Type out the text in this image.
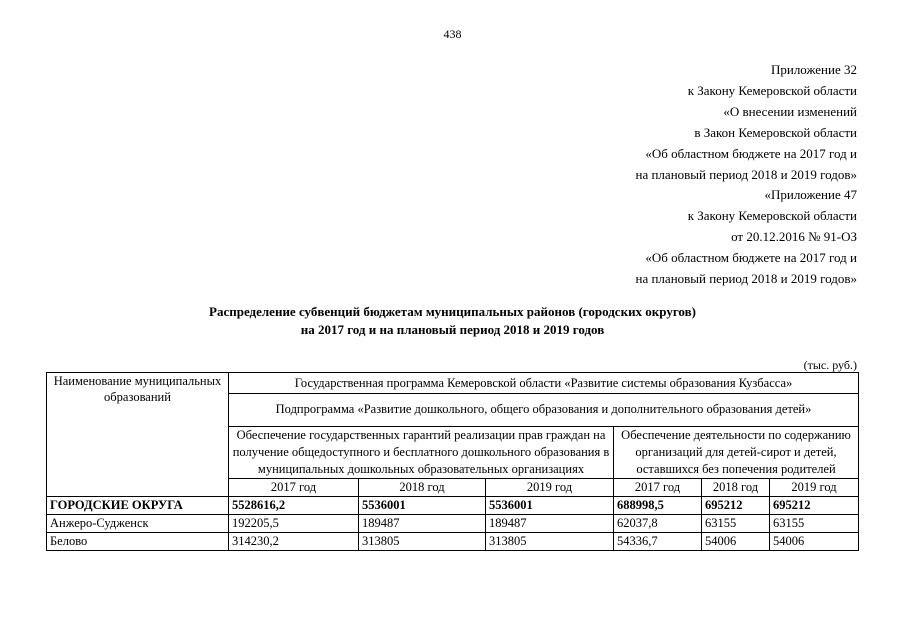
438
Приложение 32
к Закону Кемеровской области
«О внесении изменений
в Закон Кемеровской области
«Об областном бюджете на 2017 год и
на плановый период 2018 и 2019 годов»
«Приложение 47
к Закону Кемеровской области
от 20.12.2016 № 91-ОЗ
«Об областном бюджете на 2017 год и
на плановый период 2018 и 2019 годов»
Распределение субвенций бюджетам муниципальных районов (городских округов)
на 2017 год и на плановый период 2018 и 2019 годов
(тыс. руб.)
Наименование муниципальных образований	Государственная программа Кемеровской области «Развитие системы образования Кузбасса»					
	Подпрограмма «Развитие дошкольного, общего образования и дополнительного образования детей»					
	Обеспечение государственных гарантий реализации прав граждан на получение общедоступного и бесплатного дошкольного образования в муниципальных дошкольных образовательных организациях			Обеспечение деятельности по содержанию организаций для детей-сирот и детей, оставшихся без попечения родителей		
	2017 год	2018 год	2019 год	2017 год	2018 год	2019 год
ГОРОДСКИЕ ОКРУГА	5528616,2	5536001	5536001	688998,5	695212	695212
Анжеро-Судженск	192205,5	189487	189487	62037,8	63155	63155
Белово	314230,2	313805	313805	54336,7	54006	54006
